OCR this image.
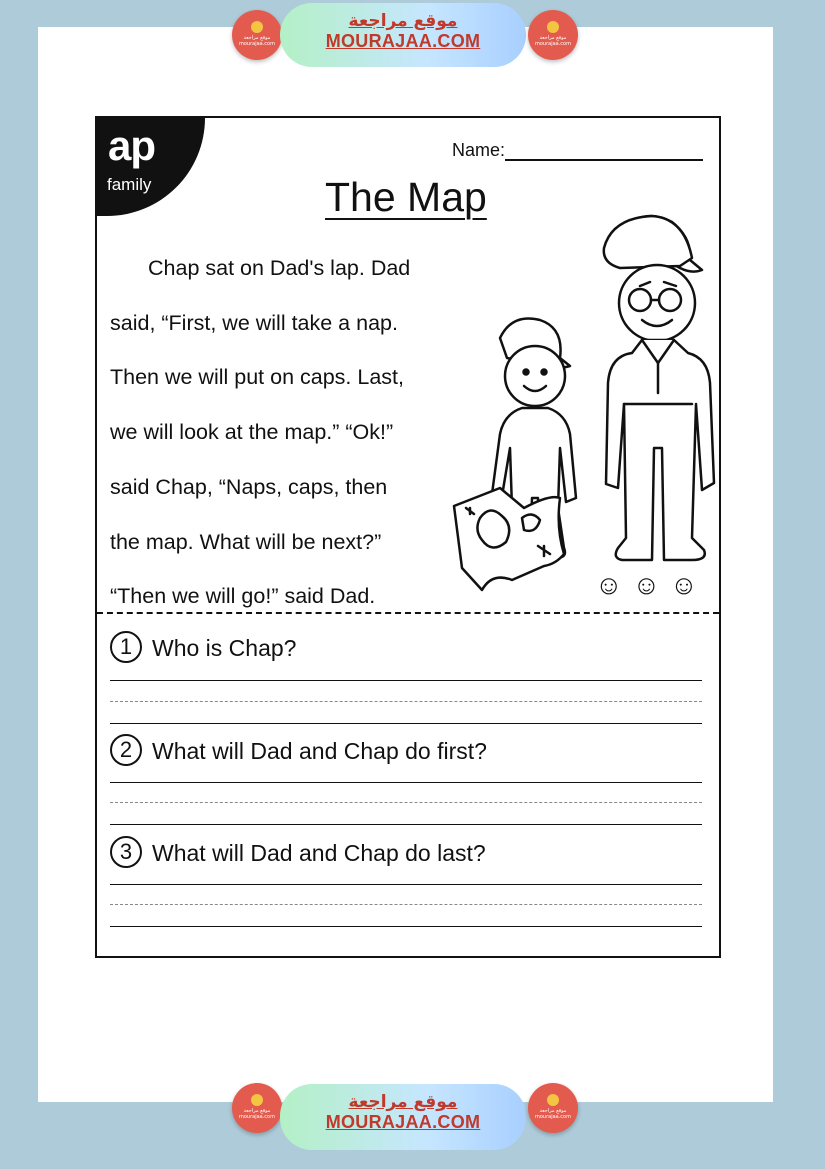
موقع مراجعة
mourajaa.com
موقع مراجعة
MOURAJAA.COM	موقع مراجعة
mourajaa.com
ap
family
Name:
The Map
Chap sat on Dad's lap. Dad
said, “First, we will take a nap.
Then we will put on caps. Last,
we will look at the map.” “Ok!”
said Chap, “Naps, caps, then
the map. What will be next?”
“Then we will go!” said Dad.	☺☺☺
1 Who is Chap?
2 What will Dad and Chap do first?
3 What will Dad and Chap do last?
موقع مراجعة
mourajaa.com
موقع مراجعة
MOURAJAA.COM
موقع مراجعة
mourajaa.com
